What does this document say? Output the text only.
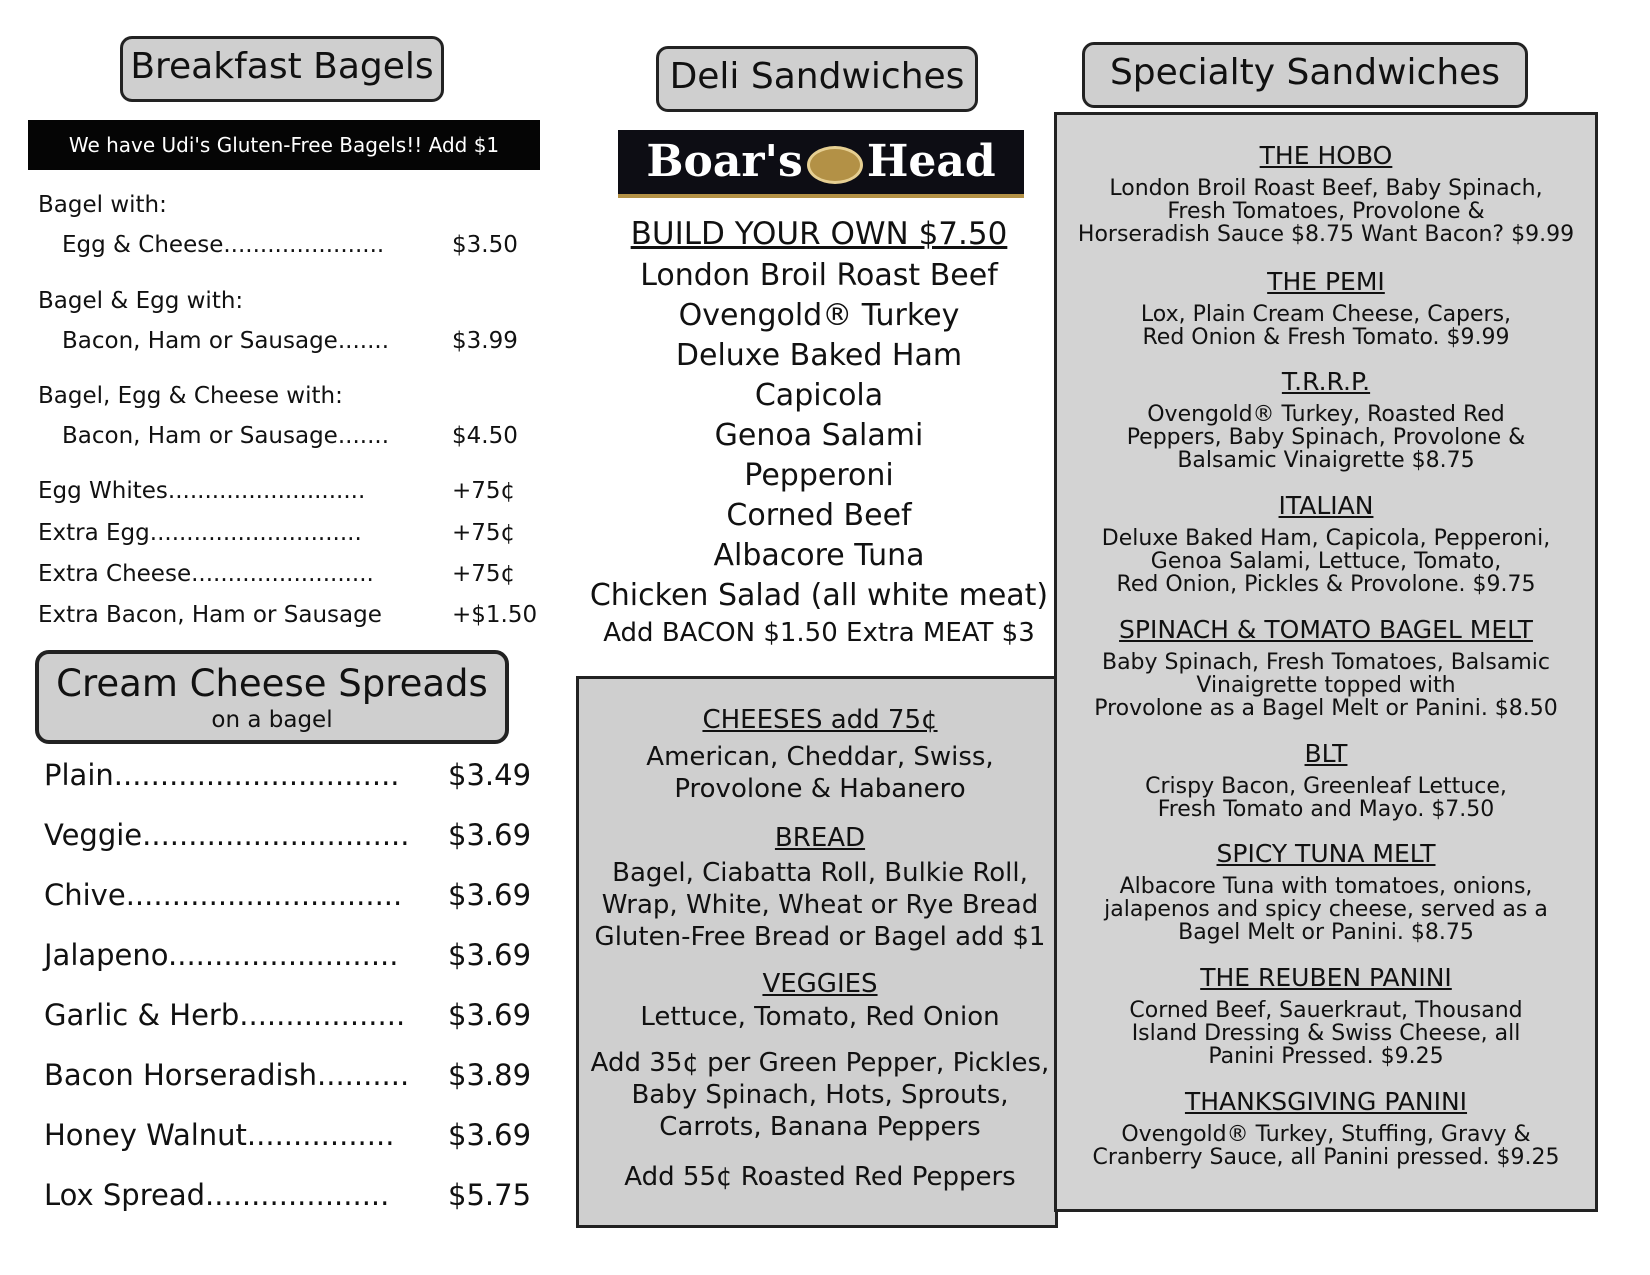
Breakfast Bagels
We have Udi's Gluten-Free Bagels!! Add $1
Bagel with:
Egg & Cheese......................	$3.50
Bagel & Egg with:
Bacon, Ham or Sausage.......	$3.99
Bagel, Egg & Cheese with:
Bacon, Ham or Sausage.......	$4.50
Egg Whites...........................	+75¢
Extra Egg.............................	+75¢
Extra Cheese.........................	+75¢
Extra Bacon, Ham or Sausage	+$1.50
Cream Cheese Spreads
on a bagel
Plain............................... $3.49
Veggie............................. $3.69
Chive.............................. $3.69
Jalapeno......................... $3.69
Garlic & Herb.................. $3.69
Bacon Horseradish.......... $3.89
Honey Walnut................ $3.69
Lox Spread.................... $5.75
Deli Sandwiches
Boar's Head
BUILD YOUR OWN $7.50
London Broil Roast Beef
Ovengold® Turkey
Deluxe Baked Ham
Capicola
Genoa Salami
Pepperoni
Corned Beef
Albacore Tuna
Chicken Salad (all white meat)
Add BACON $1.50 Extra MEAT $3
CHEESES add 75¢
American, Cheddar, Swiss,
Provolone & Habanero
BREAD
Bagel, Ciabatta Roll, Bulkie Roll,
Wrap, White, Wheat or Rye Bread
Gluten-Free Bread or Bagel add $1
VEGGIES
Lettuce, Tomato, Red Onion
Add 35¢ per Green Pepper, Pickles,
Baby Spinach, Hots, Sprouts,
Carrots, Banana Peppers
Add 55¢ Roasted Red Peppers
Specialty Sandwiches
THE HOBO
London Broil Roast Beef, Baby Spinach,
Fresh Tomatoes, Provolone &
Horseradish Sauce $8.75 Want Bacon? $9.99
THE PEMI
Lox, Plain Cream Cheese, Capers,
Red Onion & Fresh Tomato. $9.99
T.R.R.P.
Ovengold® Turkey, Roasted Red
Peppers, Baby Spinach, Provolone &
Balsamic Vinaigrette $8.75
ITALIAN
Deluxe Baked Ham, Capicola, Pepperoni,
Genoa Salami, Lettuce, Tomato,
Red Onion, Pickles & Provolone. $9.75
SPINACH & TOMATO BAGEL MELT
Baby Spinach, Fresh Tomatoes, Balsamic
Vinaigrette topped with
Provolone as a Bagel Melt or Panini. $8.50
BLT
Crispy Bacon, Greenleaf Lettuce,
Fresh Tomato and Mayo. $7.50
SPICY TUNA MELT
Albacore Tuna with tomatoes, onions,
jalapenos and spicy cheese, served as a
Bagel Melt or Panini. $8.75
THE REUBEN PANINI
Corned Beef, Sauerkraut, Thousand
Island Dressing & Swiss Cheese, all
Panini Pressed. $9.25
THANKSGIVING PANINI
Ovengold® Turkey, Stuffing, Gravy &
Cranberry Sauce, all Panini pressed. $9.25
